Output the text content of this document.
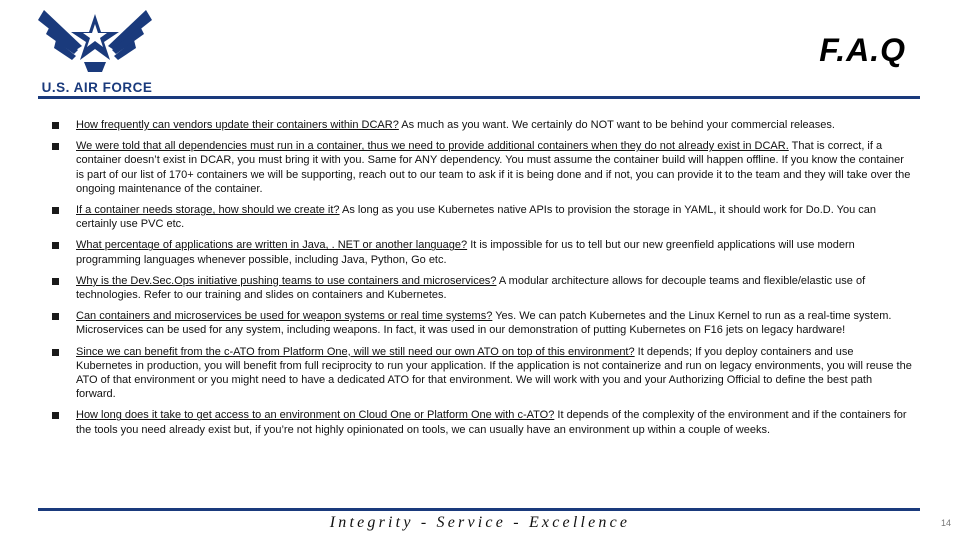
U.S. AIR FORCE
F.A.Q
How frequently can vendors update their containers within DCAR? As much as you want. We certainly do NOT want to be behind your commercial releases.
We were told that all dependencies must run in a container, thus we need to provide additional containers when they do not already exist in DCAR. That is correct, if a container doesn’t exist in DCAR, you must bring it with you. Same for ANY dependency. You must assume the container build will happen offline. If you know the container is part of our list of 170+ containers we will be supporting, reach out to our team to ask if it is being done and if not, you can provide it to the team and they will take over the ongoing maintenance of the container.
If a container needs storage, how should we create it? As long as you use Kubernetes native APIs to provision the storage in YAML, it should work for Do.D. You can certainly use PVC etc.
What percentage of applications are written in Java, . NET or another language? It is impossible for us to tell but our new greenfield applications will use modern programming languages whenever possible, including Java, Python, Go etc.
Why is the Dev.Sec.Ops initiative pushing teams to use containers and microservices? A modular architecture allows for decouple teams and flexible/elastic use of technologies. Refer to our training and slides on containers and Kubernetes.
Can containers and microservices be used for weapon systems or real time systems? Yes. We can patch Kubernetes and the Linux Kernel to run as a real-time system. Microservices can be used for any system, including weapons. In fact, it was used in our demonstration of putting Kubernetes on F16 jets on legacy hardware!
Since we can benefit from the c-ATO from Platform One, will we still need our own ATO on top of this environment? It depends; If you deploy containers and use Kubernetes in production, you will benefit from full reciprocity to run your application. If the application is not containerize and run on legacy environments, you will reuse the ATO of that environment or you might need to have a dedicated ATO for that environment. We will work with you and your Authorizing Official to define the best path forward.
How long does it take to get access to an environment on Cloud One or Platform One with c-ATO? It depends of the complexity of the environment and if the containers for the tools you need already exist but, if you’re not highly opinionated on tools, we can usually have an environment up within a couple of weeks.
Integrity - Service - Excellence	14
